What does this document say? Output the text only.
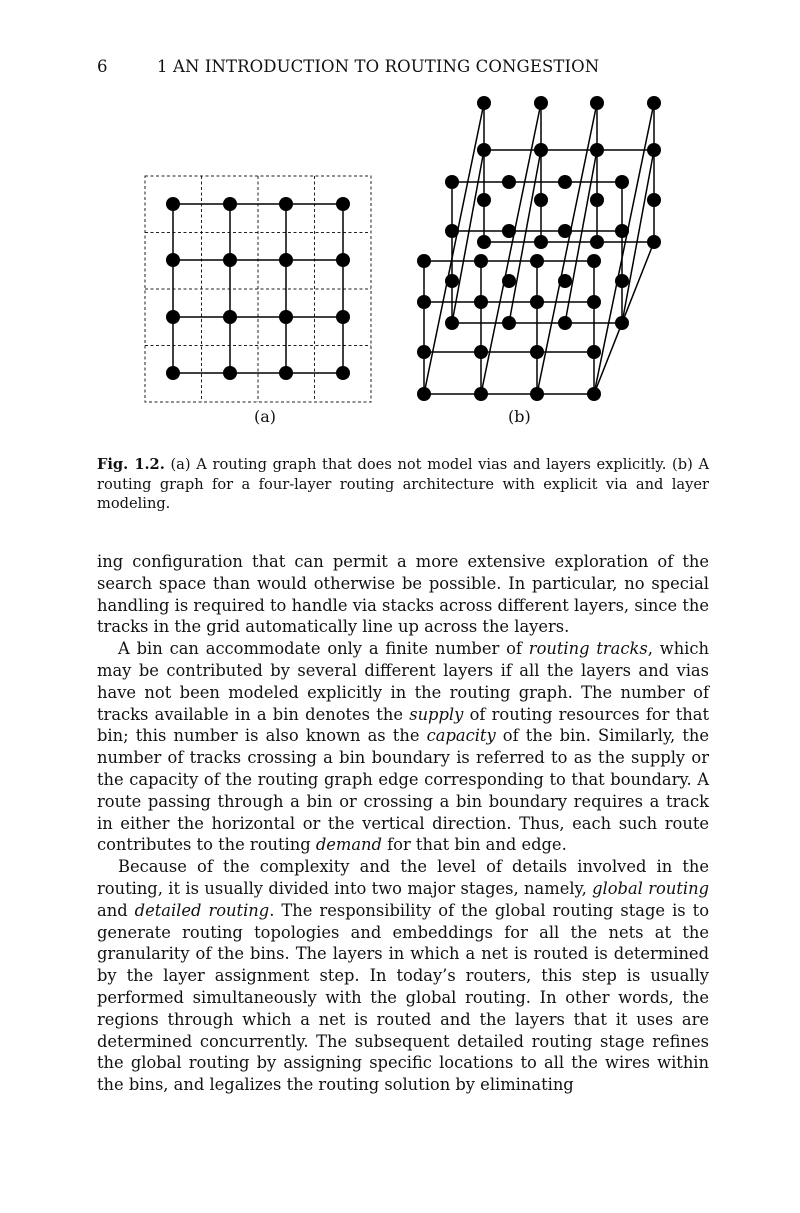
6	1 AN INTRODUCTION TO ROUTING CONGESTION
(a)	(b)
Fig. 1.2. (a) A routing graph that does not model vias and layers explicitly. (b) A routing graph for a four-layer routing architecture with explicit via and layer modeling.

ing configuration that can permit a more extensive exploration of the search space than would otherwise be possible. In particular, no special handling is required to handle via stacks across different layers, since the tracks in the grid automatically line up across the layers.

A bin can accommodate only a finite number of routing tracks, which may be contributed by several different layers if all the layers and vias have not been modeled explicitly in the routing graph. The number of tracks available in a bin denotes the supply of routing resources for that bin; this number is also known as the capacity of the bin. Similarly, the number of tracks crossing a bin boundary is referred to as the supply or the capacity of the routing graph edge corresponding to that boundary. A route passing through a bin or crossing a bin boundary requires a track in either the horizontal or the vertical direction. Thus, each such route contributes to the routing demand for that bin and edge.

Because of the complexity and the level of details involved in the routing, it is usually divided into two major stages, namely, global routing and detailed routing. The responsibility of the global routing stage is to generate routing topologies and embeddings for all the nets at the granularity of the bins. The layers in which a net is routed is determined by the layer assignment step. In today’s routers, this step is usually performed simultaneously with the global routing. In other words, the regions through which a net is routed and the layers that it uses are determined concurrently. The subsequent detailed routing stage refines the global routing by assigning specific locations to all the wires within the bins, and legalizes the routing solution by eliminating
